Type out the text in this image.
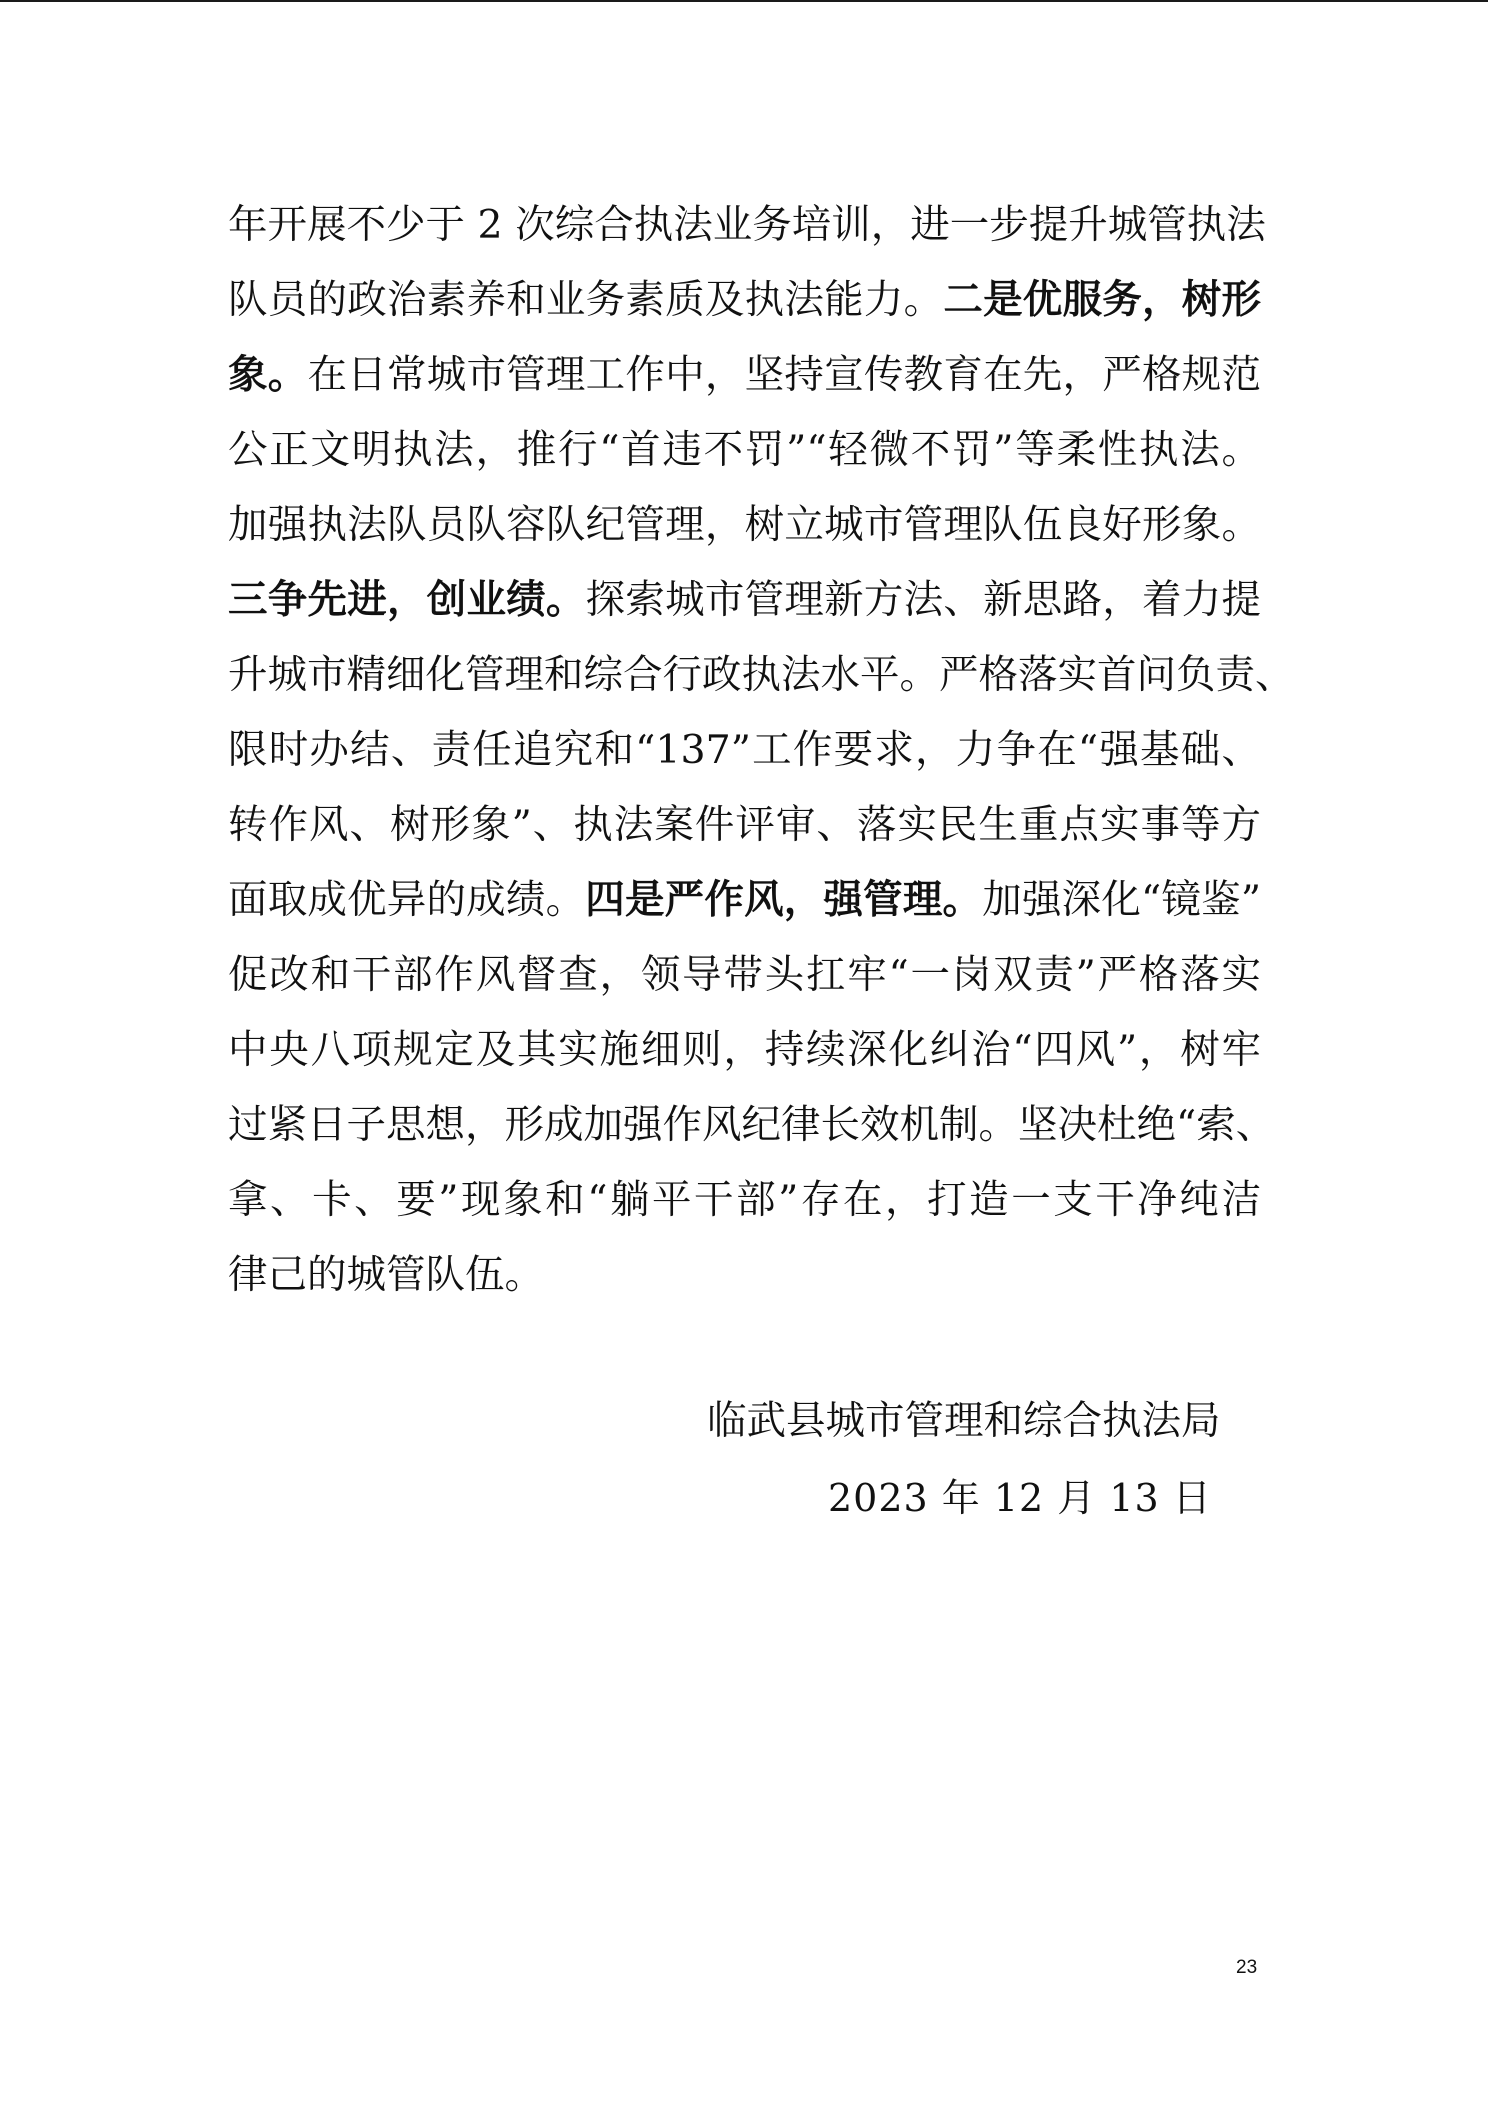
年开展不少于 2 次综合执法业务培训，进一步提升城管执法
队员的政治素养和业务素质及执法能力。二是优服务，树形
象。在日常城市管理工作中，坚持宣传教育在先，严格规范
公正文明执法，推行“首违不罚”“轻微不罚”等柔性执法。
加强执法队员队容队纪管理，树立城市管理队伍良好形象。
三争先进，创业绩。探索城市管理新方法、新思路，着力提
升城市精细化管理和综合行政执法水平。严格落实首问负责、
限时办结、责任追究和“137”工作要求，力争在“强基础、
转作风、树形象”、执法案件评审、落实民生重点实事等方
面取成优异的成绩。四是严作风，强管理。加强深化“镜鉴”
促改和干部作风督查，领导带头扛牢“一岗双责”严格落实
中央八项规定及其实施细则，持续深化纠治“四风”，树牢
过紧日子思想，形成加强作风纪律长效机制。坚决杜绝“索、
拿、卡、要”现象和“躺平干部”存在，打造一支干净纯洁
律己的城管队伍。
临武县城市管理和综合执法局
2023 年 12 月 13 日
23
